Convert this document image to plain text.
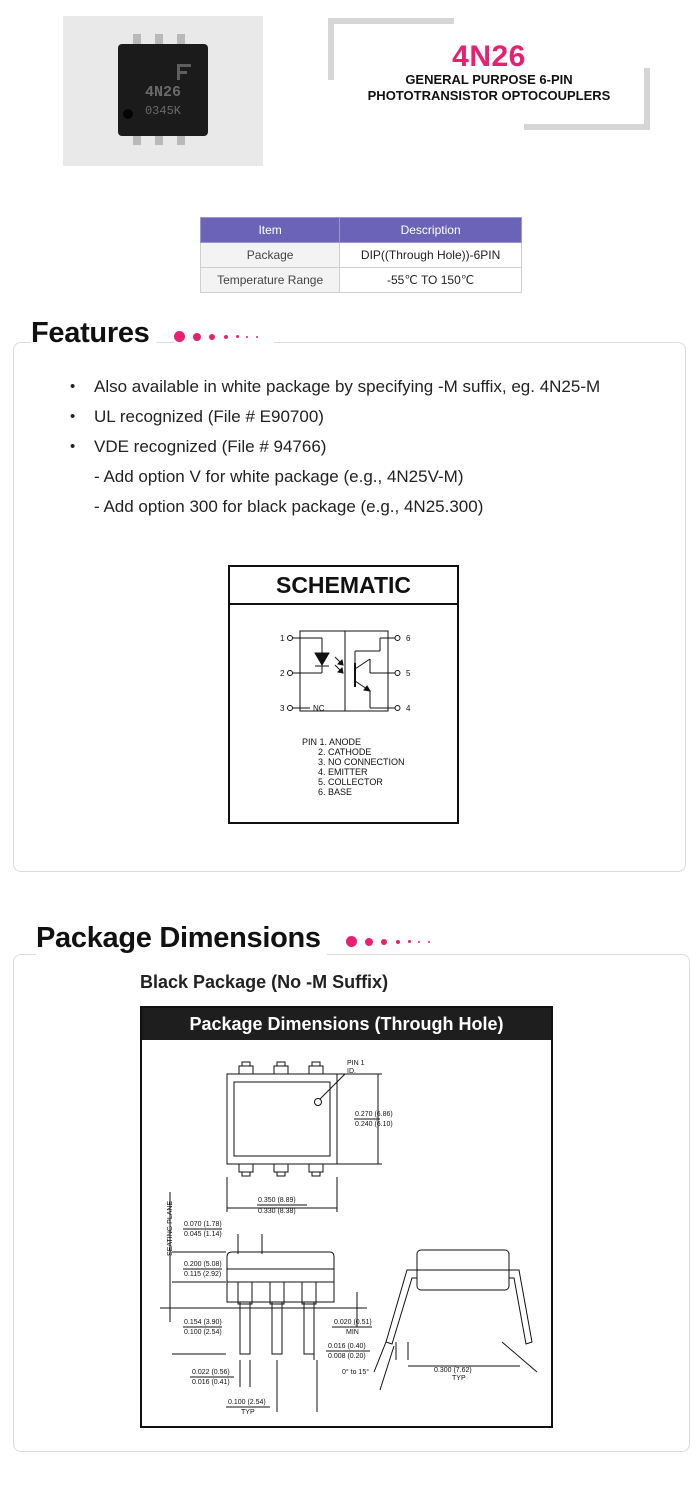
4N26
0345K
4N26
GENERAL PURPOSE 6-PIN
PHOTOTRANSISTOR OPTOCOUPLERS
Item	Description
Package	DIP((Through Hole))-6PIN
Temperature Range	-55℃ TO 150℃
Features
• Also available in white package by specifying -M suffix, eg. 4N25-M
• UL recognized (File # E90700)
• VDE recognized (File # 94766)
- Add option V for white package (e.g., 4N25V-M)
- Add option 300 for black package (e.g., 4N25.300)
SCHEMATIC
1
2
3	NC
6
5
4
PIN 1. ANODE
2. CATHODE
3. NO CONNECTION
4. EMITTER
5. COLLECTOR
6. BASE
Package Dimensions
Black Package (No -M Suffix)
Package Dimensions (Through Hole)
PIN 1
ID.
0.270 (6.86)
0.240 (6.10)
0.350 (8.89)
0.330 (8.38)
SEATING PLANE 0.070 (1.78)
0.045 (1.14)
0.200 (5.08)
0.115 (2.92)
0.154 (3.90)
0.100 (2.54)
0.020 (0.51)
MIN
0.022 (0.56)
0.016 (0.41)
0.100 (2.54)
TYP
0.016 (0.40)
0.008 (0.20)
0° to 15°	0.300 (7.62)
TYP
